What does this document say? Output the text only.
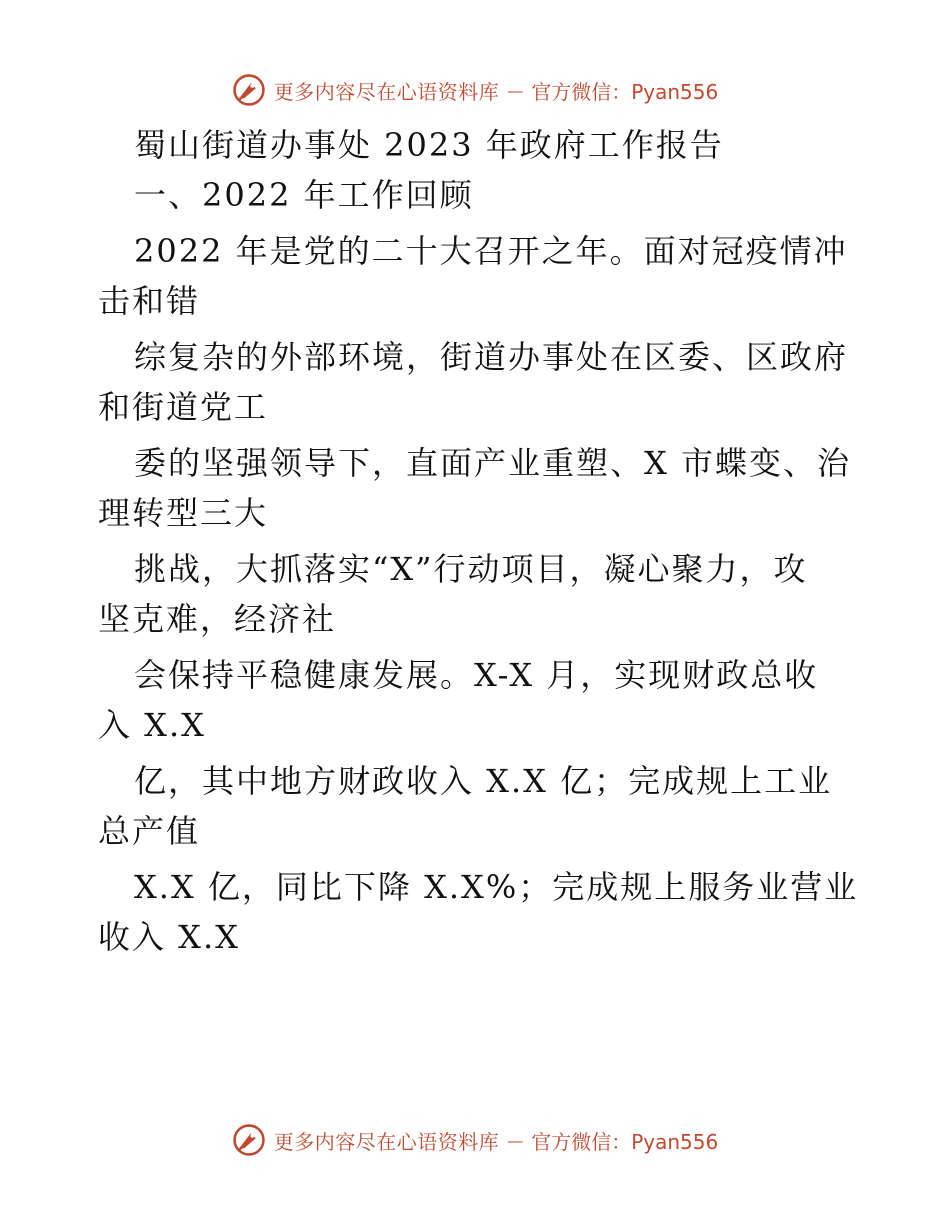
更多内容尽在心语资料库 — 官方微信：Pyan556
蜀山街道办事处 2023 年政府工作报告
一、2022 年工作回顾
2022 年是党的二十大召开之年。面对冠疫情冲
击和错
综复杂的外部环境，街道办事处在区委、区政府
和街道党工
委的坚强领导下，直面产业重塑、X 市蝶变、治
理转型三大
挑战，大抓落实“X”行动项目，凝心聚力，攻
坚克难，经济社
会保持平稳健康发展。X-X 月，实现财政总收
入 X.X
亿，其中地方财政收入 X.X 亿；完成规上工业
总产值
X.X 亿，同比下降 X.X%；完成规上服务业营业
收入 X.X
更多内容尽在心语资料库 — 官方微信：Pyan556
